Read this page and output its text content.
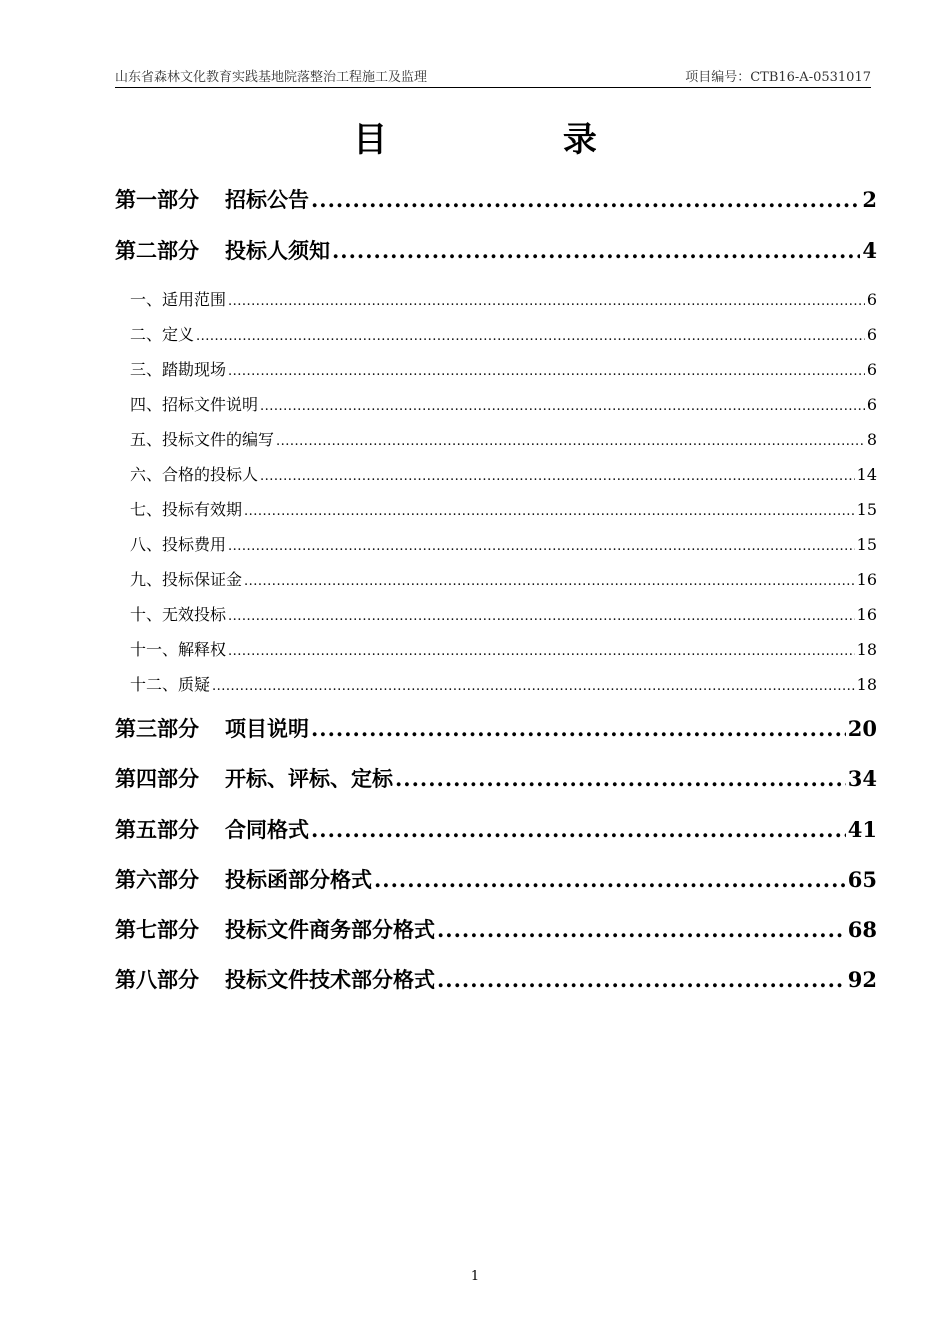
山东省森林文化教育实践基地院落整治工程施工及监理	项目编号：CTB16-A-0531017
目 录
第一部分 招标公告 .....	2
第二部分 投标人须知 .....	4
一、适用范围 .....	6
二、定义 .....	6
三、踏勘现场 .....	6
四、招标文件说明 .....	6
五、投标文件的编写 .....	8
六、合格的投标人 .....	14
七、投标有效期 .....	15
八、投标费用 .....	15
九、投标保证金 .....	16
十、无效投标 .....	16
十一、解释权 .....	18
十二、质疑 .....	18
第三部分 项目说明 .....	20
第四部分 开标、评标、定标 .....	34
第五部分 合同格式 .....	41
第六部分 投标函部分格式 .....	65
第七部分 投标文件商务部分格式 .....	68
第八部分 投标文件技术部分格式 .....	92
1
